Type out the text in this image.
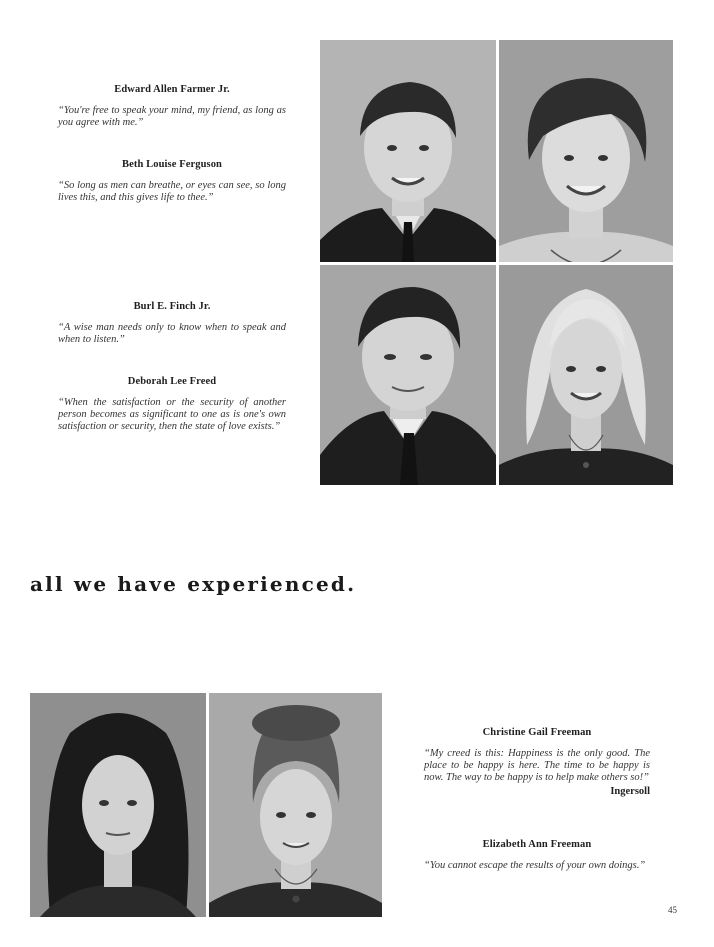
Edward Allen Farmer Jr.
“You're free to speak your mind, my friend, as long as you agree with me.”
Beth Louise Ferguson
“So long as men can breathe, or eyes can see, so long lives this, and this gives life to thee.”
Burl E. Finch Jr.
“A wise man needs only to know when to speak and when to listen.”
Deborah Lee Freed
“When the satisfaction or the security of another person becomes as significant to one as is one's own satisfaction or security, then the state of love exists.”
all we have experienced.
Christine Gail Freeman
“My creed is this: Happiness is the only good. The place to be happy is here. The time to be happy is now. The way to be happy is to help make others so!”
Ingersoll
Elizabeth Ann Freeman
“You cannot escape the results of your own doings.”
45
